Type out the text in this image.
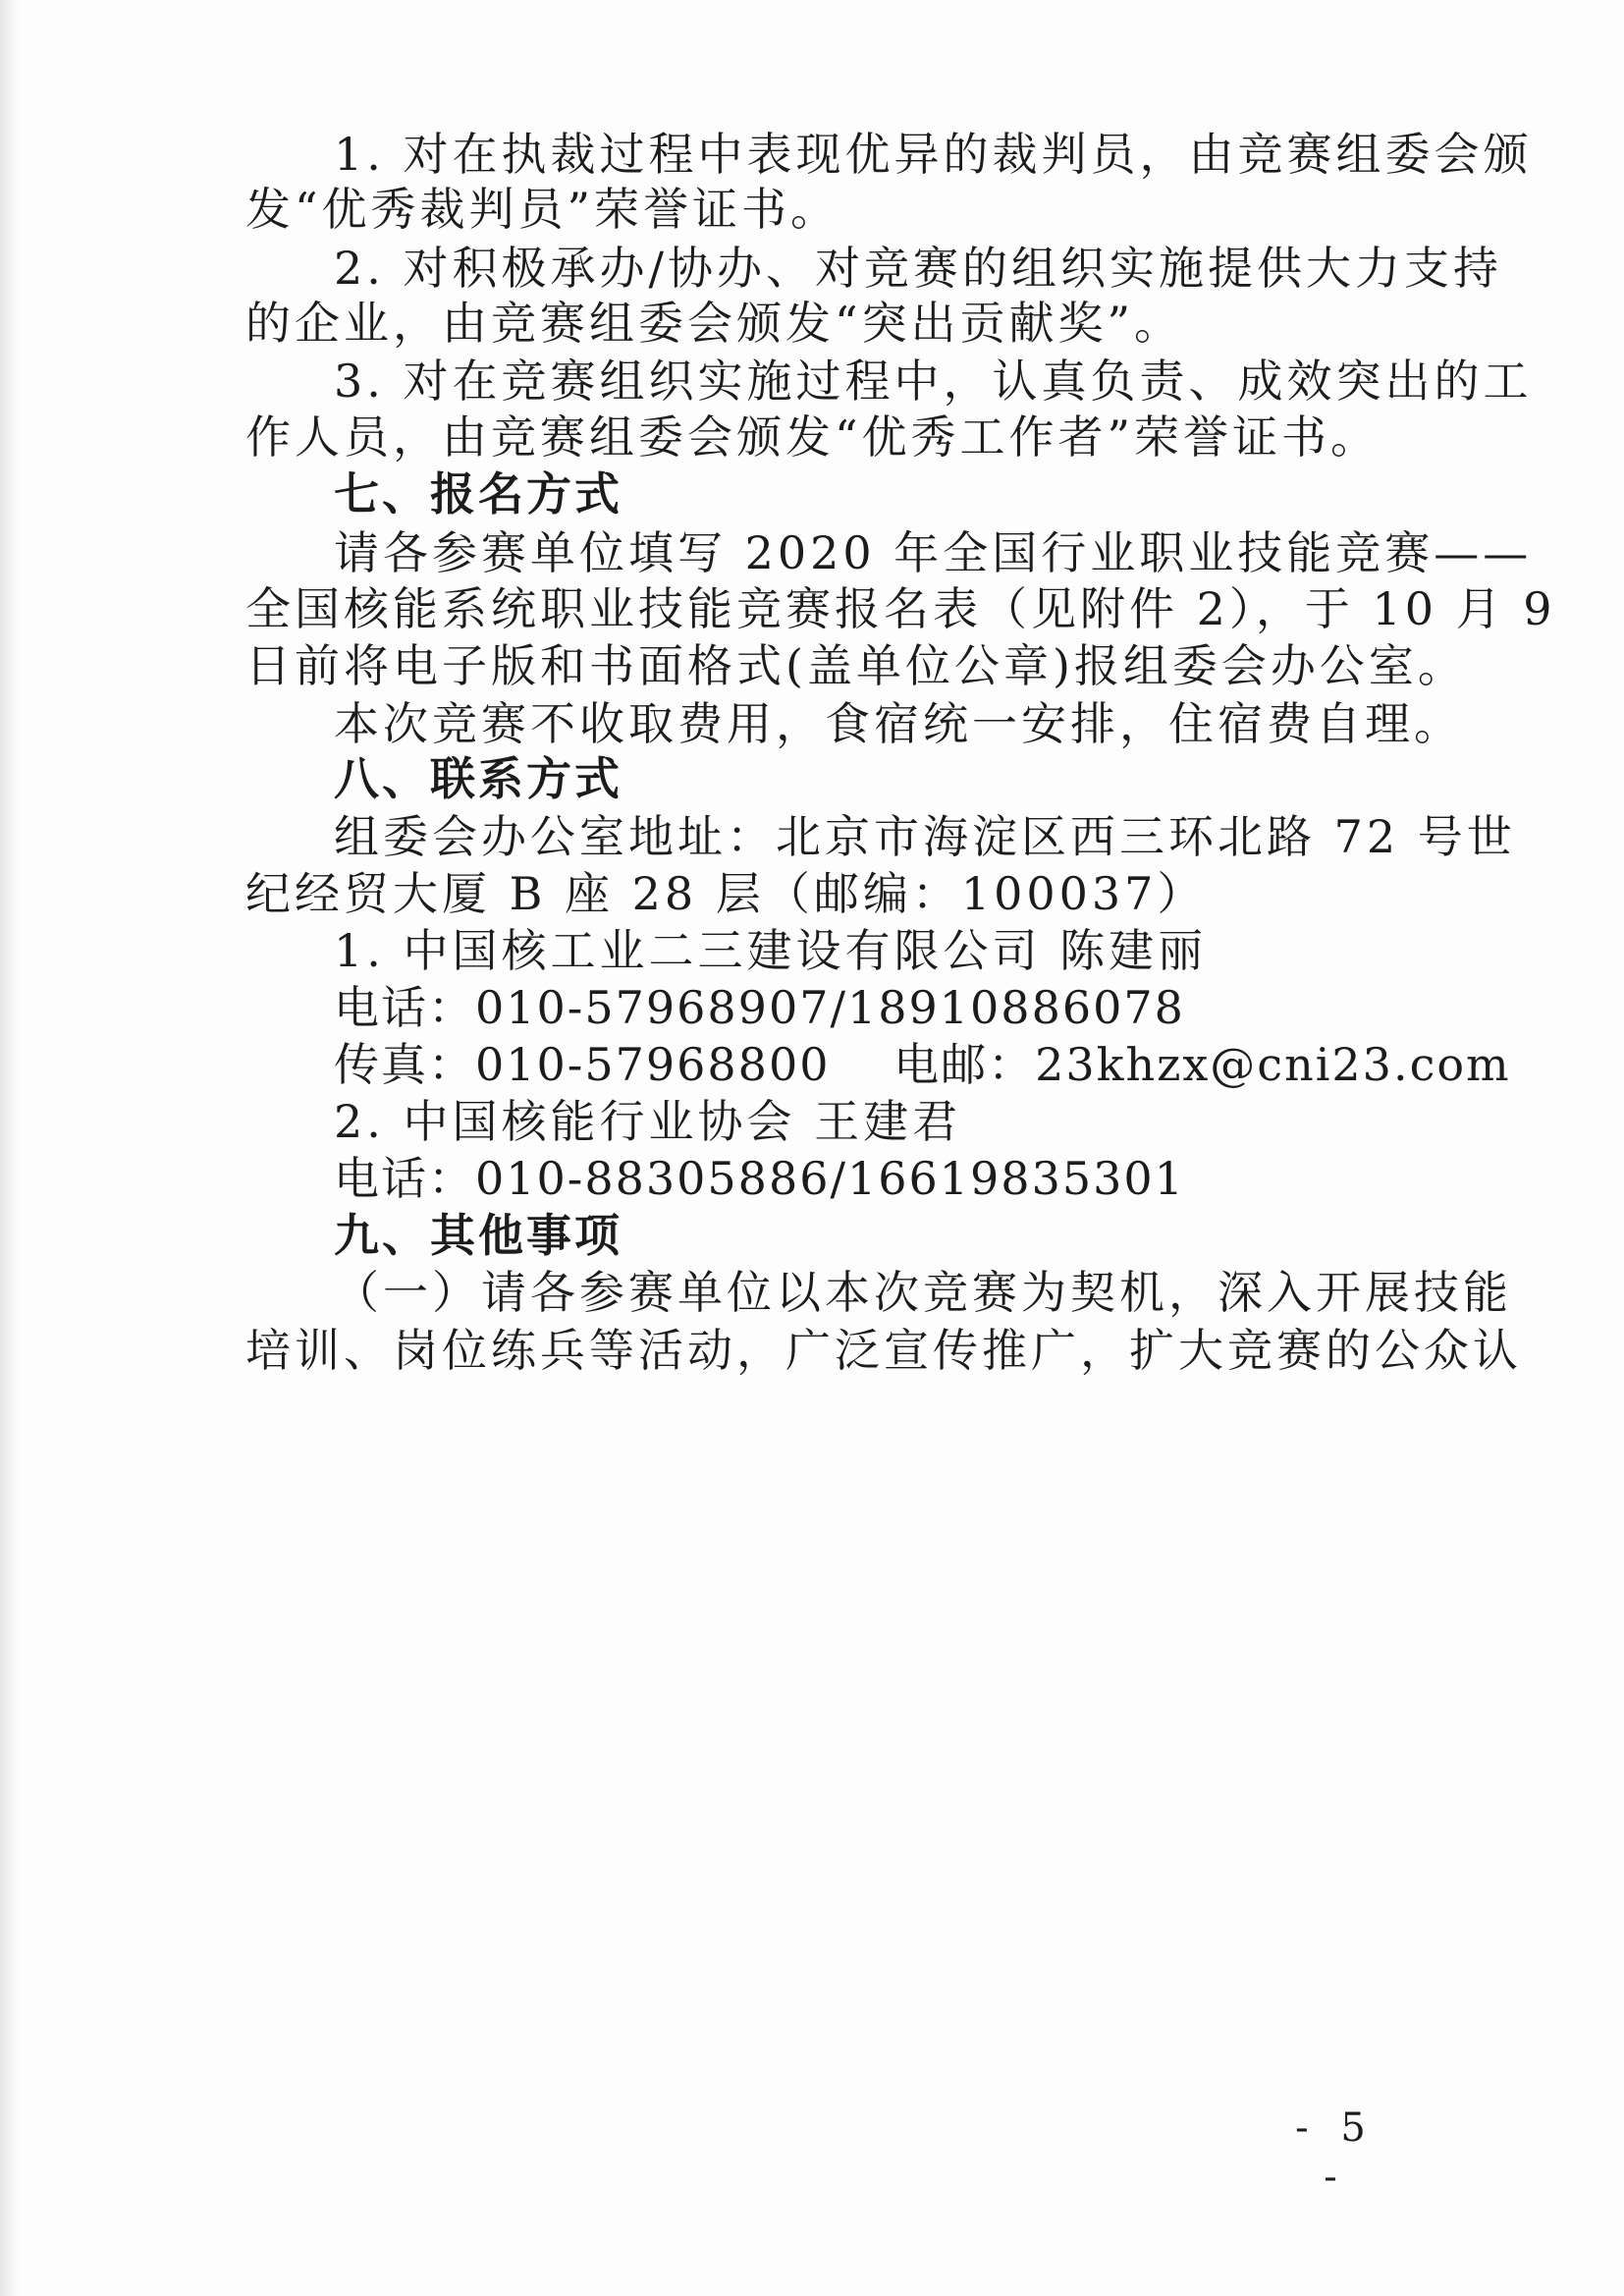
1. 对在执裁过程中表现优异的裁判员，由竞赛组委会颁
发“优秀裁判员”荣誉证书。
2. 对积极承办/协办、对竞赛的组织实施提供大力支持
的企业，由竞赛组委会颁发“突出贡献奖”。
3. 对在竞赛组织实施过程中，认真负责、成效突出的工
作人员，由竞赛组委会颁发“优秀工作者”荣誉证书。
七、报名方式
请各参赛单位填写 2020 年全国行业职业技能竞赛——
全国核能系统职业技能竞赛报名表（见附件 2），于 10 月 9
日前将电子版和书面格式(盖单位公章)报组委会办公室。
本次竞赛不收取费用，食宿统一安排，住宿费自理。
八、联系方式
组委会办公室地址：北京市海淀区西三环北路 72 号世
纪经贸大厦 B 座 28 层（邮编：100037）
1. 中国核工业二三建设有限公司 陈建丽
电话：010-57968907/18910886078
传真：010-57968800　 电邮：23khzx@cni23.com
2. 中国核能行业协会 王建君
电话：010-88305886/16619835301
九、其他事项
（一）请各参赛单位以本次竞赛为契机，深入开展技能
培训、岗位练兵等活动，广泛宣传推广，扩大竞赛的公众认
- 5 -
